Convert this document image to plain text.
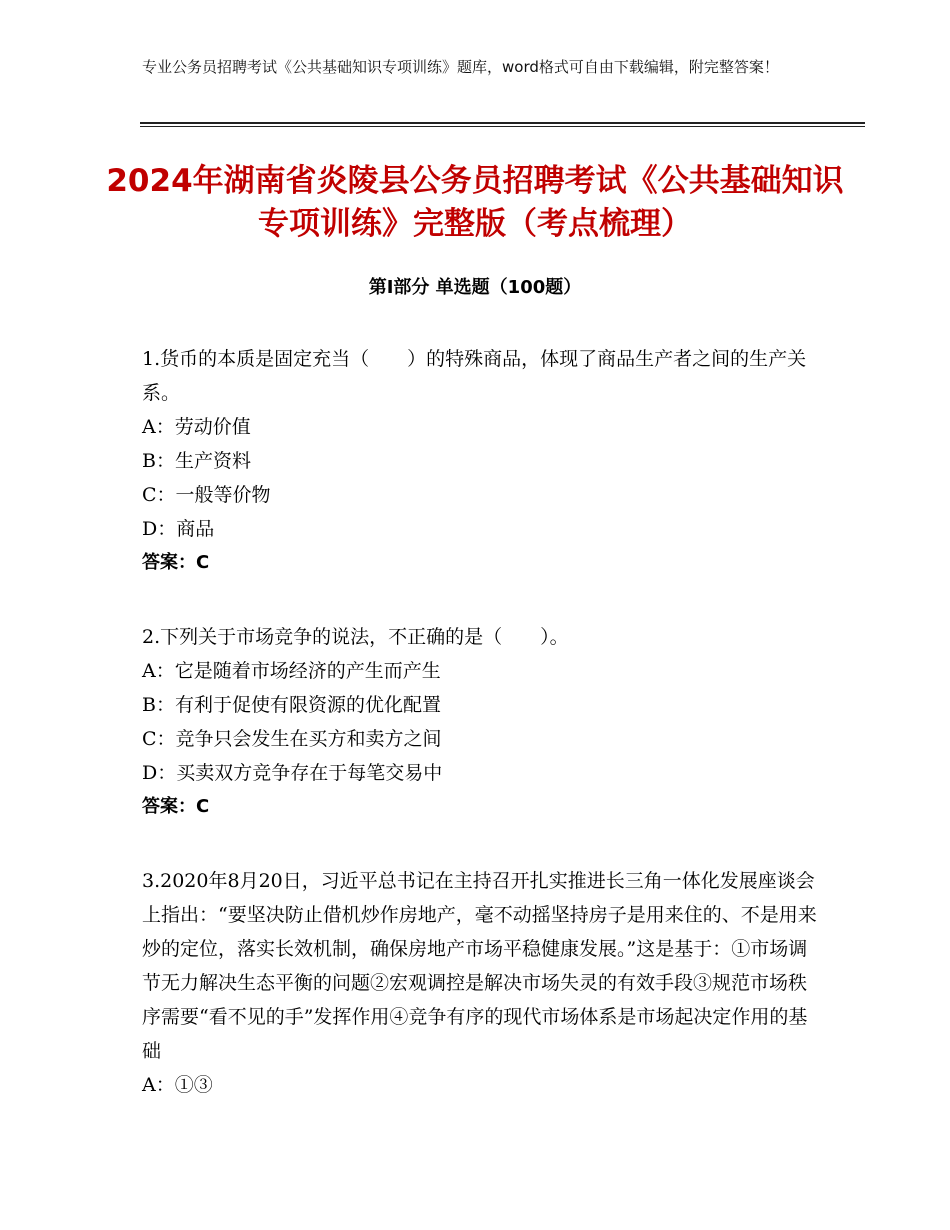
专业公务员招聘考试《公共基础知识专项训练》题库，word格式可自由下载编辑，附完整答案！
2024年湖南省炎陵县公务员招聘考试《公共基础知识专项训练》完整版（考点梳理）
第Ⅰ部分 单选题（100题）
1.货币的本质是固定充当（　　）的特殊商品，体现了商品生产者之间的生产关系。
A：劳动价值
B：生产资料
C：一般等价物
D：商品
答案：C
2.下列关于市场竞争的说法，不正确的是（　　）。
A：它是随着市场经济的产生而产生
B：有利于促使有限资源的优化配置
C：竞争只会发生在买方和卖方之间
D：买卖双方竞争存在于每笔交易中
答案：C
3.2020年8月20日，习近平总书记在主持召开扎实推进长三角一体化发展座谈会上指出：“要坚决防止借机炒作房地产，毫不动摇坚持房子是用来住的、不是用来炒的定位，落实长效机制，确保房地产市场平稳健康发展。”这是基于：①市场调节无力解决生态平衡的问题②宏观调控是解决市场失灵的有效手段③规范市场秩序需要“看不见的手”发挥作用④竞争有序的现代市场体系是市场起决定作用的基础
A：①③
